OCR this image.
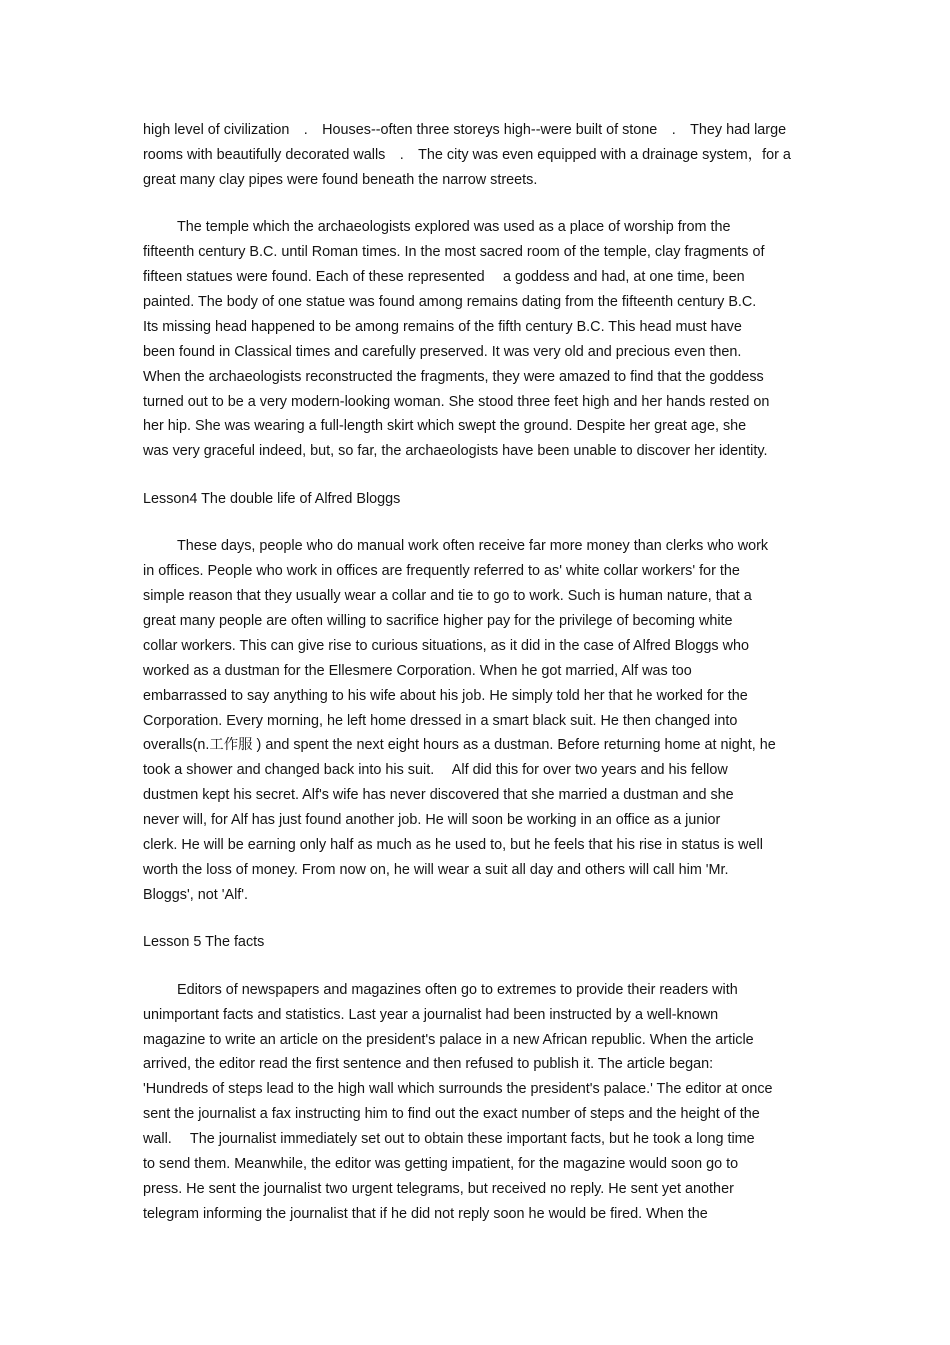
high level of civilization　.　Houses--often three storeys high--were built of stone　.　They had large
rooms with beautifully decorated walls　.　The city was even equipped with a drainage system，for a
great many clay pipes were found beneath the narrow streets.
The temple which the archaeologists explored was used as a place of worship from the
fifteenth century B.C. until Roman times. In the most sacred room of the temple, clay fragments of
fifteen statues were found. Each of these represented　 a goddess and had, at one time, been
painted. The body of one statue was found among remains dating from the fifteenth century B.C.
Its missing head happened to be among remains of the fifth century B.C. This head must have
been found in Classical times and carefully preserved. It was very old and precious even then.
When the archaeologists reconstructed the fragments, they were amazed to find that the goddess
turned out to be a very modern-looking woman. She stood three feet high and her hands rested on
her hip. She was wearing a full-length skirt which swept the ground. Despite her great age, she
was very graceful indeed, but, so far, the archaeologists have been unable to discover her identity.
Lesson4 The double life of Alfred Bloggs
These days, people who do manual work often receive far more money than clerks who work
in offices. People who work in offices are frequently referred to as' white collar workers' for the
simple reason that they usually wear a collar and tie to go to work. Such is human nature, that a
great many people are often willing to sacrifice higher pay for the privilege of becoming white
collar workers. This can give rise to curious situations, as it did in the case of Alfred Bloggs who
worked as a dustman for the Ellesmere Corporation. When he got married, Alf was too
embarrassed to say anything to his wife about his job. He simply told her that he worked for the
Corporation. Every morning, he left home dressed in a smart black suit. He then changed into
overalls(n.工作服 ) and spent the next eight hours as a dustman. Before returning home at night, he
took a shower and changed back into his suit.　 Alf did this for over two years and his fellow
dustmen kept his secret. Alf's wife has never discovered that she married a dustman and she
never will, for Alf has just found another job. He will soon be working in an office as a junior
clerk. He will be earning only half as much as he used to, but he feels that his rise in status is well
worth the loss of money. From now on, he will wear a suit all day and others will call him 'Mr.
Bloggs', not 'Alf'.
Lesson 5 The facts
Editors of newspapers and magazines often go to extremes to provide their readers with
unimportant facts and statistics. Last year a journalist had been instructed by a well-known
magazine to write an article on the president's palace in a new African republic. When the article
arrived, the editor read the first sentence and then refused to publish it. The article began:
'Hundreds of steps lead to the high wall which surrounds the president's palace.' The editor at once
sent the journalist a fax instructing him to find out the exact number of steps and the height of the
wall.　 The journalist immediately set out to obtain these important facts, but he took a long time
to send them. Meanwhile, the editor was getting impatient, for the magazine would soon go to
press. He sent the journalist two urgent telegrams, but received no reply. He sent yet another
telegram informing the journalist that if he did not reply soon he would be fired. When the
